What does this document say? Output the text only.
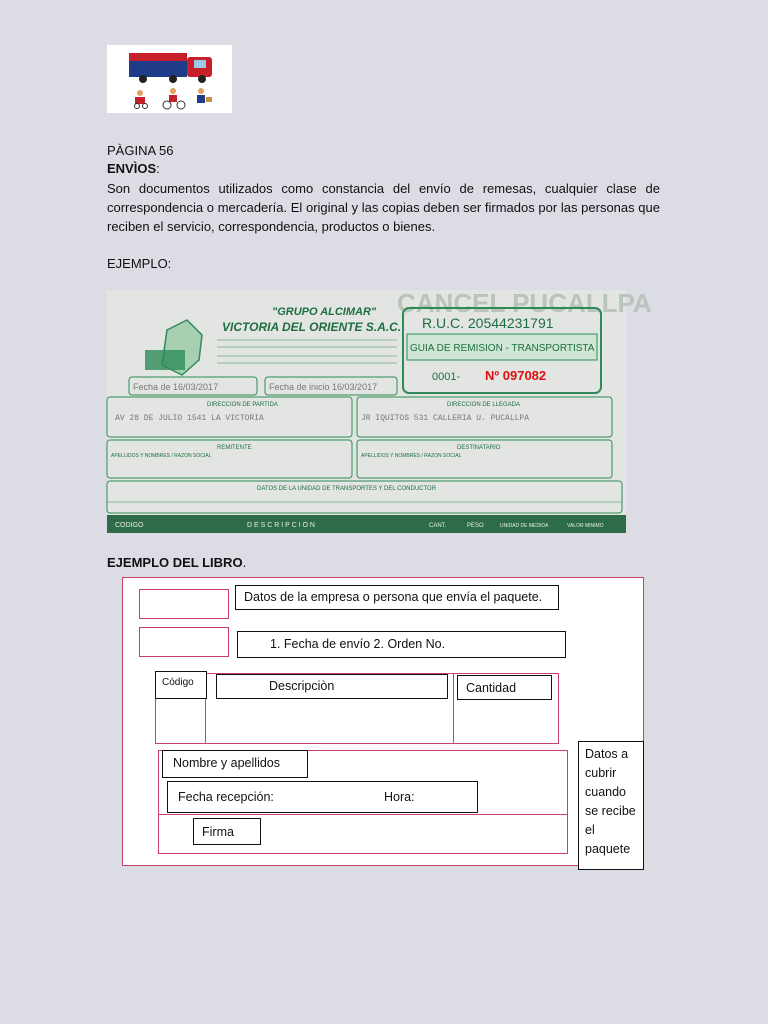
PÀGINA 56
ENVÌOS:
Son documentos utilizados como constancia del envío de remesas, cualquier clase de correspondencia o mercadería. El original y las copias deben ser firmados por las personas que reciben el servicio, correspondencia, productos o bienes.
EJEMPLO:
CANCEL PUCALLPA
"GRUPO ALCIMAR"
VICTORIA DEL ORIENTE S.A.C. R.U.C. 20544231791
GUIA DE REMISION - TRANSPORTISTA
0001- Nº 097082
Fecha de 16/03/2017	Fecha de inicio 16/03/2017
DIRECCION DE PARTIDA	DIRECCION DE LLEGADA
AV 28 DE JULIO 1541 LA VICTORIA	JR IQUITOS 531 CALLERIA U. PUCALLPA
REMITENTE	DESTINATARIO
APELLIDOS Y NOMBRES / RAZON SOCIAL	APELLIDOS Y NOMBRES / RAZON SOCIAL
DATOS DE LA UNIDAD DE TRANSPORTES Y DEL CONDUCTOR
CODIGO	D E S C R I P C I O N	CANT.	PESO	UNIDAD DE MEDIDA	VALOR MINIMO
EJEMPLO DEL LIBRO.
Datos de la empresa o persona que envía el paquete.
1. Fecha de envío 2. Orden No.
Código	Descripciòn	Cantidad
Nombre y apellidos
Fecha recepción:	Hora:
Firma
Datos a cubrir cuando se recibe el paquete
